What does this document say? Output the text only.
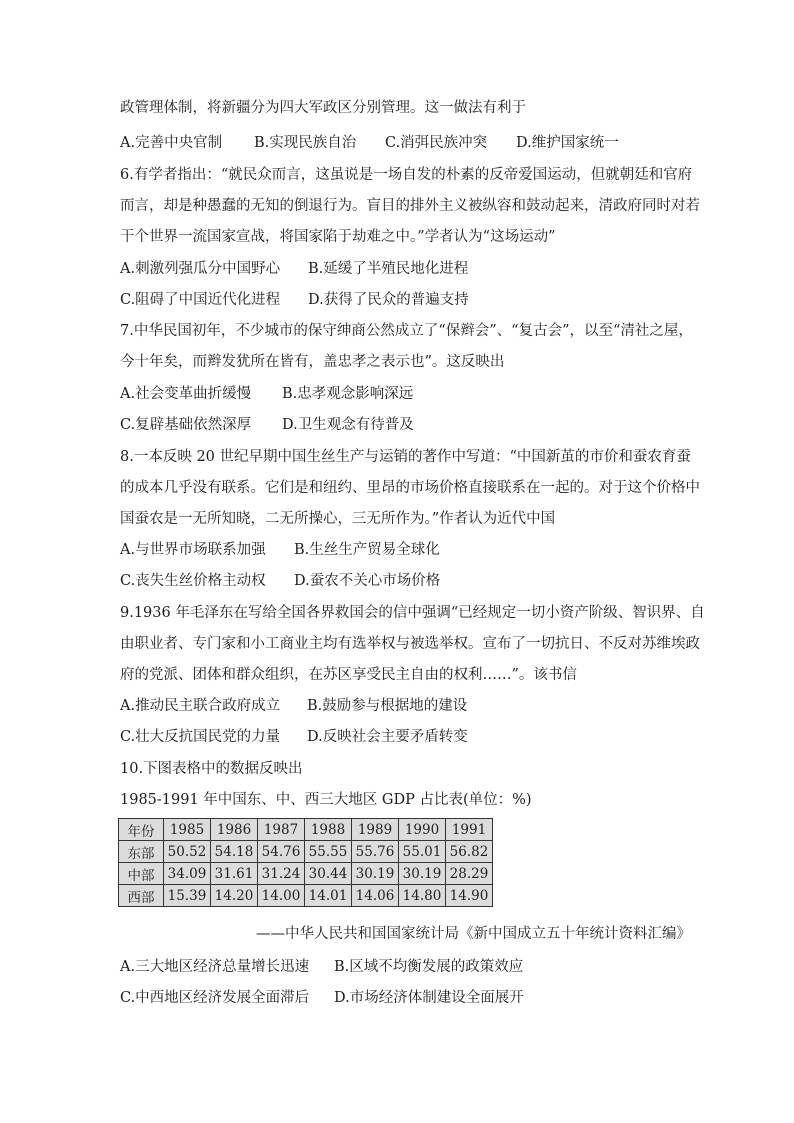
政管理体制，将新疆分为四大军政区分别管理。这一做法有利于
A.完善中央官制 B.实现民族自治 C.消弭民族冲突 D.维护国家统一
6.有学者指出：“就民众而言，这虽说是一场自发的朴素的反帝爱国运动，但就朝廷和官府
而言，却是种愚蠢的无知的倒退行为。盲目的排外主义被纵容和鼓动起来，清政府同时对若
干个世界一流国家宣战，将国家陷于劫难之中。”学者认为“这场运动”
A.刺激列强瓜分中国野心 B.延缓了半殖民地化进程
C.阻碍了中国近代化进程 D.获得了民众的普遍支持
7.中华民国初年，不少城市的保守绅商公然成立了“保辫会”、“复古会”，以至“清社之屋，
今十年矣，而辫发犹所在皆有，盖忠孝之表示也”。这反映出
A.社会变革曲折缓慢 B.忠孝观念影响深远
C.复辟基础依然深厚 D.卫生观念有待普及
8.一本反映 20 世纪早期中国生丝生产与运销的著作中写道：“中国新茧的市价和蚕农育蚕
的成本几乎没有联系。它们是和纽约、里昂的市场价格直接联系在一起的。对于这个价格中
国蚕农是一无所知晓，二无所操心，三无所作为。”作者认为近代中国
A.与世界市场联系加强 B.生丝生产贸易全球化
C.丧失生丝价格主动权 D.蚕农不关心市场价格
9.1936 年毛泽东在写给全国各界救国会的信中强调“已经规定一切小资产阶级、智识界、自
由职业者、专门家和小工商业主均有选举权与被选举权。宣布了一切抗日、不反对苏维埃政
府的党派、团体和群众组织，在苏区享受民主自由的权利……”。该书信
A.推动民主联合政府成立 B.鼓励参与根据地的建设
C.壮大反抗国民党的力量 D.反映社会主要矛盾转变
10.下图表格中的数据反映出
1985-1991 年中国东、中、西三大地区 GDP 占比表(单位：%)
年份	1985	1986	1987	1988	1989	1990	1991
东部	50.52	54.18	54.76	55.55	55.76	55.01	56.82
中部	34.09	31.61	31.24	30.44	30.19	30.19	28.29
西部	15.39	14.20	14.00	14.01	14.06	14.80	14.90
——中华人民共和国国家统计局《新中国成立五十年统计资料汇编》
A.三大地区经济总量增长迅速 B.区域不均衡发展的政策效应
C.中西地区经济发展全面滞后 D.市场经济体制建设全面展开
